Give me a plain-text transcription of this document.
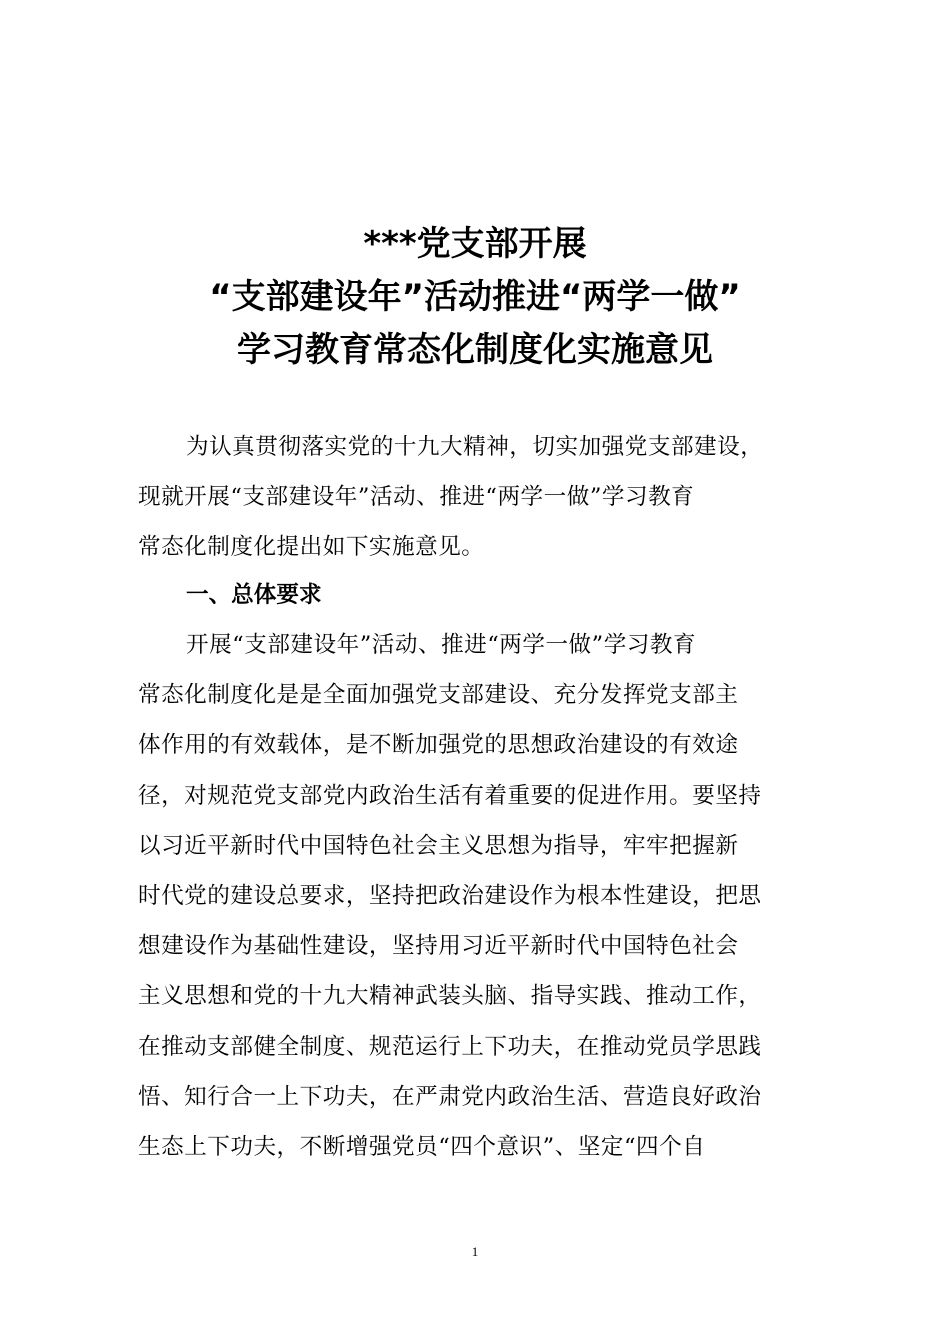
***党支部开展
“支部建设年”活动推进“两学一做”
学习教育常态化制度化实施意见
为认真贯彻落实党的十九大精神，切实加强党支部建设，
现就开展“支部建设年”活动、推进“两学一做”学习教育
常态化制度化提出如下实施意见。
一、总体要求
开展“支部建设年”活动、推进“两学一做”学习教育
常态化制度化是是全面加强党支部建设、充分发挥党支部主
体作用的有效载体，是不断加强党的思想政治建设的有效途
径，对规范党支部党内政治生活有着重要的促进作用。要坚持
以习近平新时代中国特色社会主义思想为指导，牢牢把握新
时代党的建设总要求，坚持把政治建设作为根本性建设，把思
想建设作为基础性建设，坚持用习近平新时代中国特色社会
主义思想和党的十九大精神武装头脑、指导实践、推动工作，
在推动支部健全制度、规范运行上下功夫，在推动党员学思践
悟、知行合一上下功夫，在严肃党内政治生活、营造良好政治
生态上下功夫，不断增强党员“四个意识”、坚定“四个自
1
